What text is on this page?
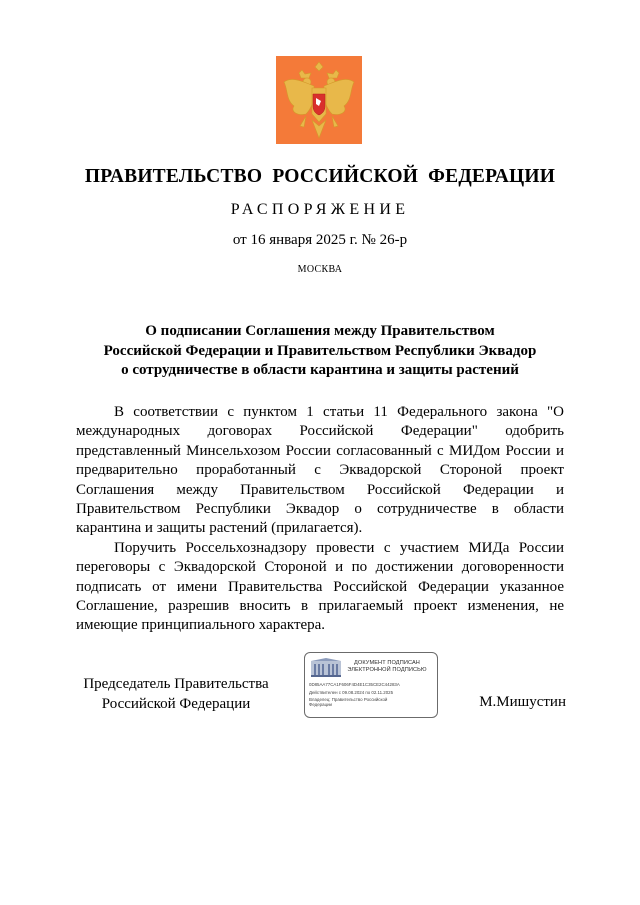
ПРАВИТЕЛЬСТВО РОССИЙСКОЙ ФЕДЕРАЦИИ
РАСПОРЯЖЕНИЕ
от 16 января 2025 г. № 26-р
МОСКВА
О подписании Соглашения между Правительством
Российской Федерации и Правительством Республики Эквадор
о сотрудничестве в области карантина и защиты растений

В соответствии с пунктом 1 статьи 11 Федерального закона "О международных договорах Российской Федерации" одобрить представленный Минсельхозом России согласованный с МИДом России и предварительно проработанный с Эквадорской Стороной проект Соглашения между Правительством Российской Федерации и Правительством Республики Эквадор о сотрудничестве в области карантина и защиты растений (прилагается).

Поручить Россельхознадзору провести с участием МИДа России переговоры с Эквадорской Стороной и по достижении договоренности подписать от имени Правительства Российской Федерации указанное Соглашение, разрешив вносить в прилагаемый проект изменения, не имеющие принципиального характера.

Председатель Правительства
Российской Федерации
ДОКУМЕНТ ПОДПИСАН
ЭЛЕКТРОННОЙ ПОДПИСЬЮ
0D85AA77CA1F606F4D4E1C35CE2C44283A
Действителен с 09.08.2024 по 02.11.2025
Владелец: Правительство Российской
Федерации	М.Мишустин
